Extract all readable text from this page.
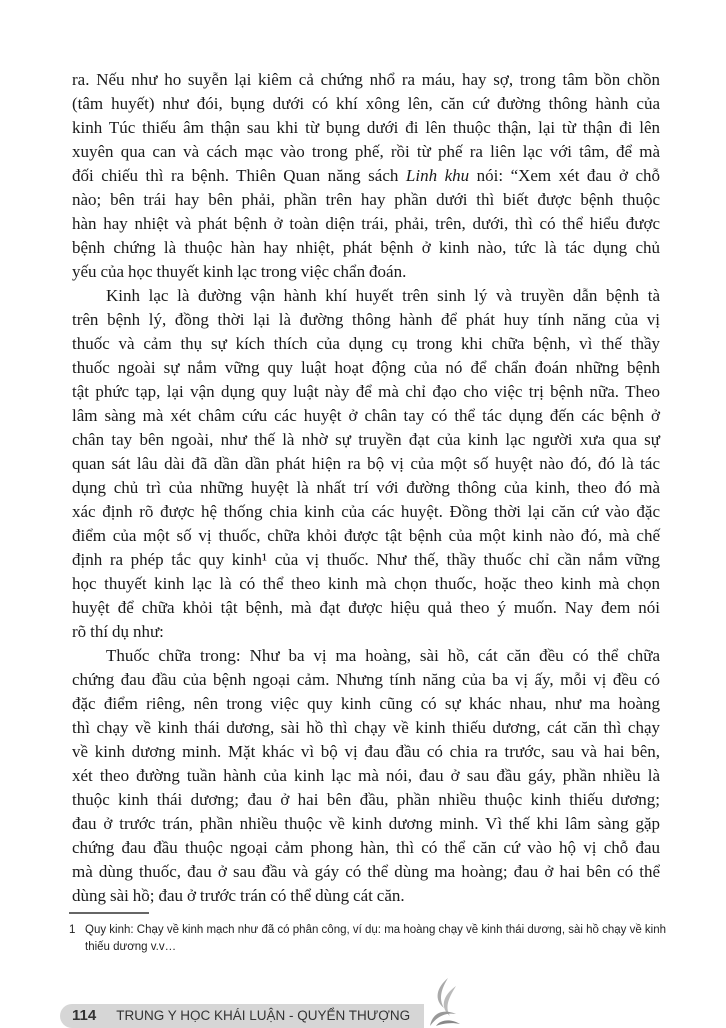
ra. Nếu như ho suyễn lại kiêm cả chứng nhổ ra máu, hay sợ, trong tâm bồn chồn
(tâm huyết) như đói, bụng dưới có khí xông lên, căn cứ đường thông hành của
kinh Túc thiếu âm thận sau khi từ bụng dưới đi lên thuộc thận, lại từ thận đi lên
xuyên qua can và cách mạc vào trong phế, rồi từ phế ra liên lạc với tâm, để mà
đối chiếu thì ra bệnh. Thiên Quan năng sách Linh khu nói: “Xem xét đau ở chỗ
nào; bên trái hay bên phải, phần trên hay phần dưới thì biết được bệnh thuộc
hàn hay nhiệt và phát bệnh ở toàn diện trái, phải, trên, dưới, thì có thể hiểu được
bệnh chứng là thuộc hàn hay nhiệt, phát bệnh ở kinh nào, tức là tác dụng chủ
yếu của học thuyết kinh lạc trong việc chẩn đoán.
Kinh lạc là đường vận hành khí huyết trên sinh lý và truyền dẫn bệnh tà
trên bệnh lý, đồng thời lại là đường thông hành để phát huy tính năng của vị
thuốc và cảm thụ sự kích thích của dụng cụ trong khi chữa bệnh, vì thế thầy
thuốc ngoài sự nắm vững quy luật hoạt động của nó để chẩn đoán những bệnh
tật phức tạp, lại vận dụng quy luật này để mà chỉ đạo cho việc trị bệnh nữa. Theo
lâm sàng mà xét châm cứu các huyệt ở chân tay có thể tác dụng đến các bệnh ở
chân tay bên ngoài, như thế là nhờ sự truyền đạt của kinh lạc người xưa qua sự
quan sát lâu dài đã dần dần phát hiện ra bộ vị của một số huyệt nào đó, đó là tác
dụng chủ trì của những huyệt là nhất trí với đường thông của kinh, theo đó mà
xác định rõ được hệ thống chia kinh của các huyệt. Đồng thời lại căn cứ vào đặc
điểm của một số vị thuốc, chữa khỏi được tật bệnh của một kinh nào đó, mà chế
định ra phép tắc quy kinh¹ của vị thuốc. Như thế, thầy thuốc chỉ cần nắm vững
học thuyết kinh lạc là có thể theo kinh mà chọn thuốc, hoặc theo kinh mà chọn
huyệt để chữa khỏi tật bệnh, mà đạt được hiệu quả theo ý muốn. Nay đem nói
rõ thí dụ như:
Thuốc chữa trong: Như ba vị ma hoàng, sài hồ, cát căn đều có thể chữa
chứng đau đầu của bệnh ngoại cảm. Nhưng tính năng của ba vị ấy, mỗi vị đều có
đặc điểm riêng, nên trong việc quy kinh cũng có sự khác nhau, như ma hoàng
thì chạy về kinh thái dương, sài hồ thì chạy về kinh thiếu dương, cát căn thì chạy
về kinh dương minh. Mặt khác vì bộ vị đau đầu có chia ra trước, sau và hai bên,
xét theo đường tuần hành của kinh lạc mà nói, đau ở sau đầu gáy, phần nhiều là
thuộc kinh thái dương; đau ở hai bên đầu, phần nhiều thuộc kinh thiếu dương;
đau ở trước trán, phần nhiều thuộc về kinh dương minh. Vì thế khi lâm sàng gặp
chứng đau đầu thuộc ngoại cảm phong hàn, thì có thể căn cứ vào hộ vị chỗ đau
mà dùng thuốc, đau ở sau đầu và gáy có thể dùng ma hoàng; đau ở hai bên có thể
dùng sài hồ; đau ở trước trán có thể dùng cát căn.
1 Quy kinh: Chạy về kinh mạch như đã có phân công, ví dụ: ma hoàng chạy về kinh thái dương, sài hồ chạy về kinh thiếu dương v.v…
114 TRUNG Y HỌC KHÁI LUẬN - QUYỂN THƯỢNG
